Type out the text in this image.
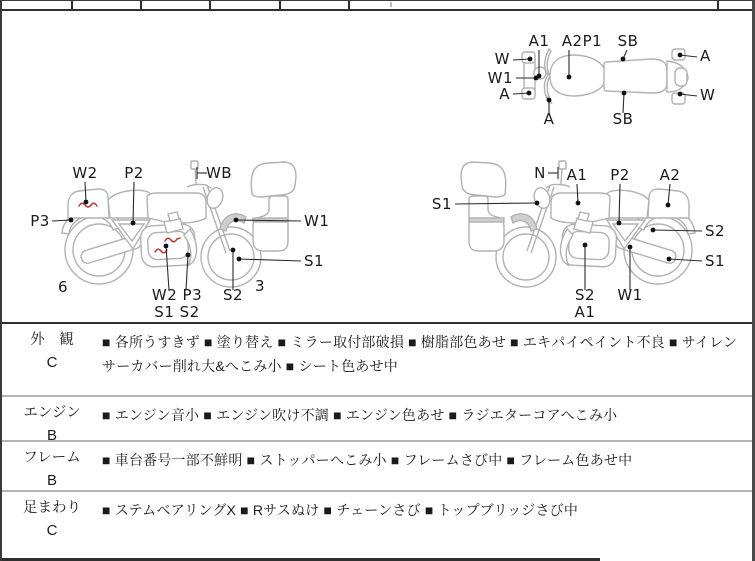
A1 A2P1 SB
W
W1
A
A
W
A	SB
W2 P2	WB
P3	W1
S1
S2
W2 P3
S1 S2
6	3
N A1 P2 A2
S1
S2
S1
S2
A1
W1
外　観
C
■ 各所うすきず ■ 塗り替え ■ ミラー取付部破損 ■ 樹脂部色あせ ■ エキパイペイント不良 ■ サイレンサーカバー削れ大&へこみ小 ■ シート色あせ中
エンジン
B
■ エンジン音小 ■ エンジン吹け不調 ■ エンジン色あせ ■ ラジエターコアへこみ小
フレーム
B
■ 車台番号一部不鮮明 ■ ストッパーへこみ小 ■ フレームさび中 ■ フレーム色あせ中
足まわり
C
■ ステムベアリングX ■ Rサスぬけ ■ チェーンさび ■ トップブリッジさび中
